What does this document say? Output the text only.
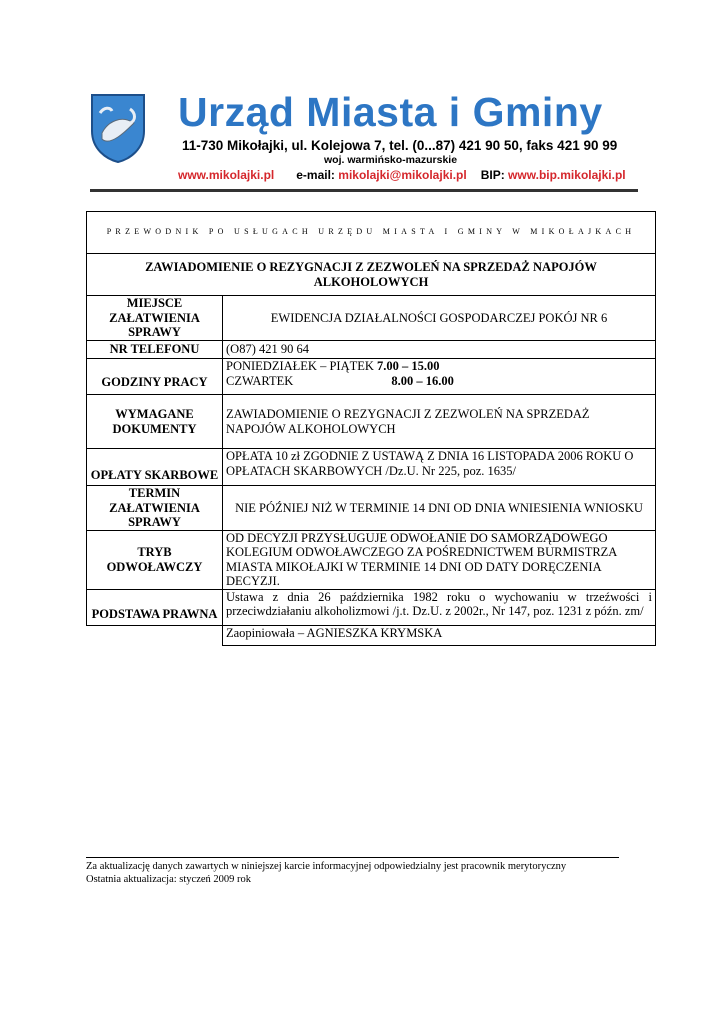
Urząd Miasta i Gminy
11-730 Mikołajki, ul. Kolejowa 7, tel. (0...87) 421 90 50, faks 421 90 99
woj. warmińsko-mazurskie
www.mikolajki.pl e-mail: mikolajki@mikolajki.pl BIP: www.bip.mikolajki.pl
PRZEWODNIK PO USŁUGACH URZĘDU MIASTA I GMINY W MIKOŁAJKACH	
ZAWIADOMIENIE O REZYGNACJI Z ZEZWOLEŃ NA SPRZEDAŻ NAPOJÓW ALKOHOLOWYCH	
MIEJSCE ZAŁATWIENIA SPRAWY	EWIDENCJA DZIAŁALNOŚCI GOSPODARCZEJ POKÓJ NR 6
NR TELEFONU	(O87) 421 90 64
GODZINY PRACY	PONIEDZIAŁEK – PIĄTEK 7.00 – 15.00
CZWARTEK 8.00 – 16.00

WYMAGANE DOKUMENTY	ZAWIADOMIENIE O REZYGNACJI Z ZEZWOLEŃ NA SPRZEDAŻ NAPOJÓW ALKOHOLOWYCH
OPŁATY SKARBOWE	OPŁATA 10 zł ZGODNIE Z USTAWĄ Z DNIA 16 LISTOPADA 2006 ROKU O OPŁATACH SKARBOWYCH /Dz.U. Nr 225, poz. 1635/
TERMIN ZAŁATWIENIA SPRAWY	NIE PÓŹNIEJ NIŻ W TERMINIE 14 DNI OD DNIA WNIESIENIA WNIOSKU
TRYB ODWOŁAWCZY	OD DECYZJI PRZYSŁUGUJE ODWOŁANIE DO SAMORZĄDOWEGO KOLEGIUM ODWOŁAWCZEGO ZA POŚREDNICTWEM BURMISTRZA MIASTA MIKOŁAJKI W TERMINIE 14 DNI OD DATY DORĘCZENIA DECYZJI.
PODSTAWA PRAWNA	Ustawa z dnia 26 października 1982 roku o wychowaniu w trzeźwości i przeciwdziałaniu alkoholizmowi /j.t. Dz.U. z 2002r., Nr 147, poz. 1231 z późn. zm/
	Zaopiniowała – AGNIESZKA KRYMSKA
Za aktualizację danych zawartych w niniejszej karcie informacyjnej odpowiedzialny jest pracownik merytoryczny
Ostatnia aktualizacja: styczeń 2009 rok
